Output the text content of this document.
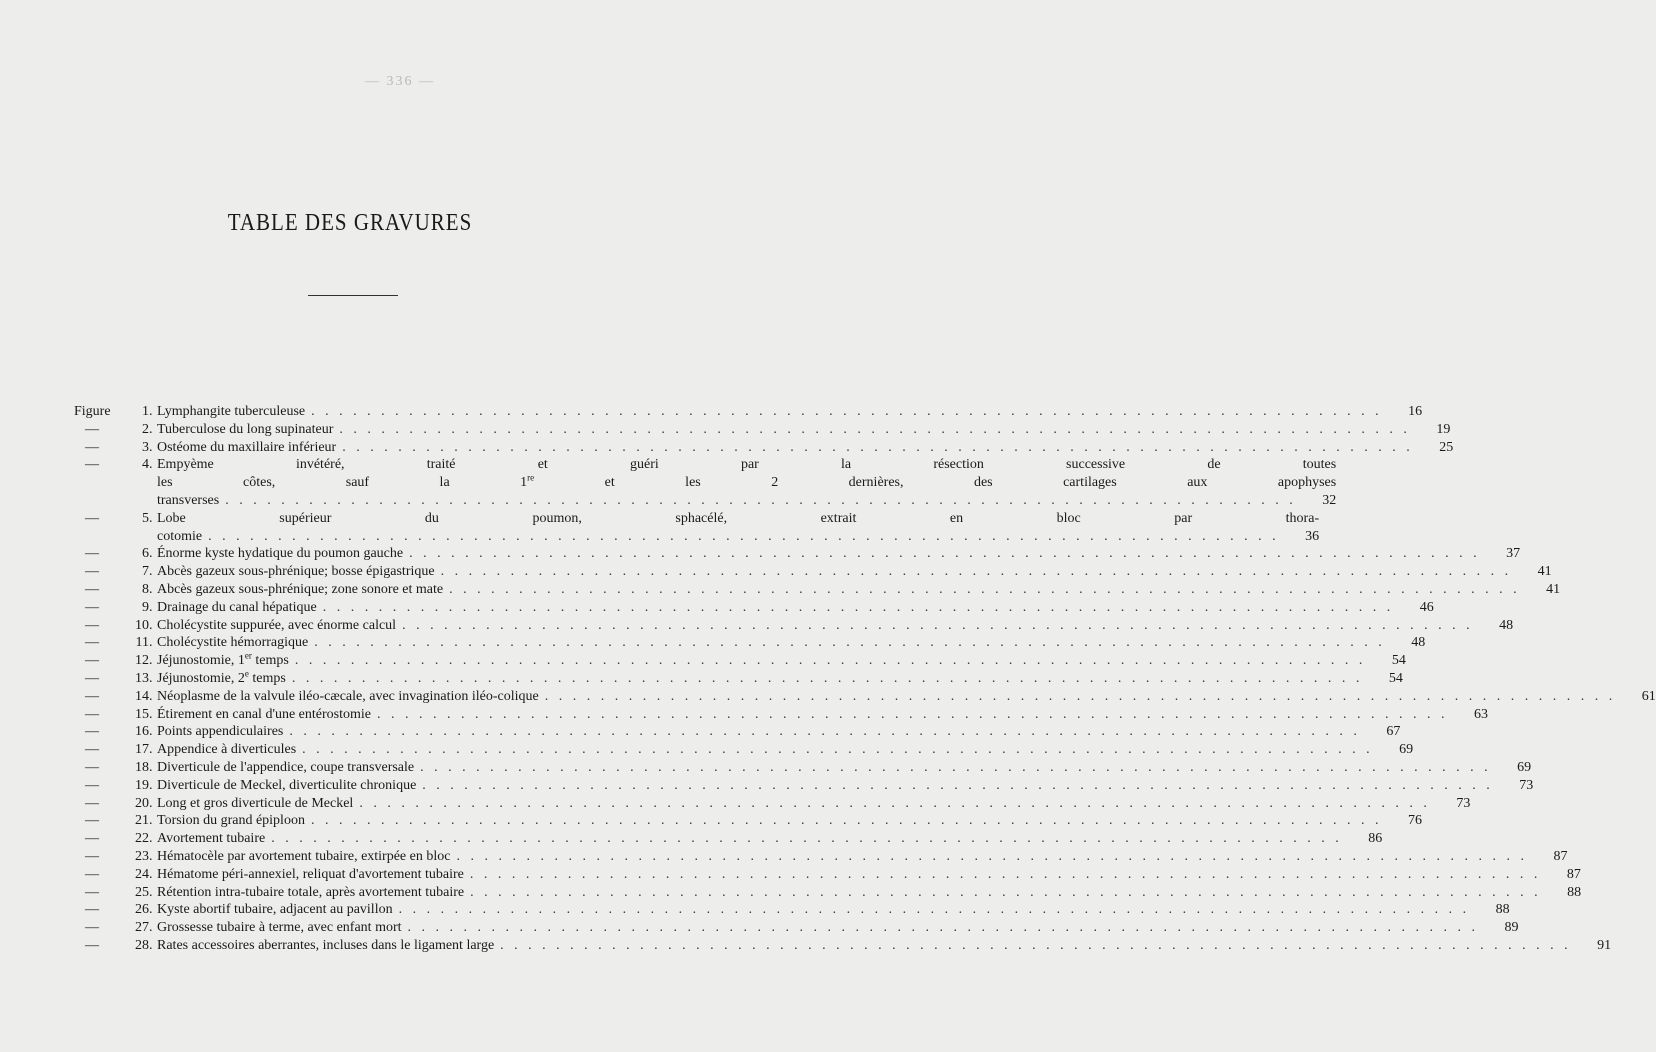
— 336 —
TABLE DES GRAVURES
Figure	1 . Lymphangite tuberculeuse . . .	16
—	2 . Tuberculose du long supinateur . . .	19
—	3 . Ostéome du maxillaire inférieur . . .	25
—	4 . Empyème invétéré, traité et guéri par la résection successive de toutes
les côtes, sauf la 1re et les 2 dernières, des cartilages aux apophyses
transverses . . .	32
—	5 . Lobe supérieur du poumon, sphacélé, extrait en bloc par thora-
cotomie . . .	36
—	6 . Énorme kyste hydatique du poumon gauche . . .	37
—	7 . Abcès gazeux sous-phrénique; bosse épigastrique . . .	41
—	8 . Abcès gazeux sous-phrénique; zone sonore et mate . . .	41
—	9 . Drainage du canal hépatique . . .	46
—	10 . Cholécystite suppurée, avec énorme calcul . . .	48
—	11 . Cholécystite hémorragique . . .	48
—	12 . Jéjunostomie, 1er temps . . .	54
—	13 . Jéjunostomie, 2e temps . . .	54
—	14 . Néoplasme de la valvule iléo-cæcale, avec invagination iléo-colique . . .	61
—	15 . Étirement en canal d'une entérostomie . . .	63
—	16 . Points appendiculaires . . .	67
—	17 . Appendice à diverticules . . .	69
—	18 . Diverticule de l'appendice, coupe transversale . . .	69
—	19 . Diverticule de Meckel, diverticulite chronique . . .	73
—	20 . Long et gros diverticule de Meckel . . .	73
—	21 . Torsion du grand épiploon . . .	76
—	22 . Avortement tubaire . . .	86
—	23 . Hématocèle par avortement tubaire, extirpée en bloc . . .	87
—	24 . Hématome péri-annexiel, reliquat d'avortement tubaire . . .	87
—	25 . Rétention intra-tubaire totale, après avortement tubaire . . .	88
—	26 . Kyste abortif tubaire, adjacent au pavillon . . .	88
—	27 . Grossesse tubaire à terme, avec enfant mort . . .	89
—	28 . Rates accessoires aberrantes, incluses dans le ligament large . . .	91
